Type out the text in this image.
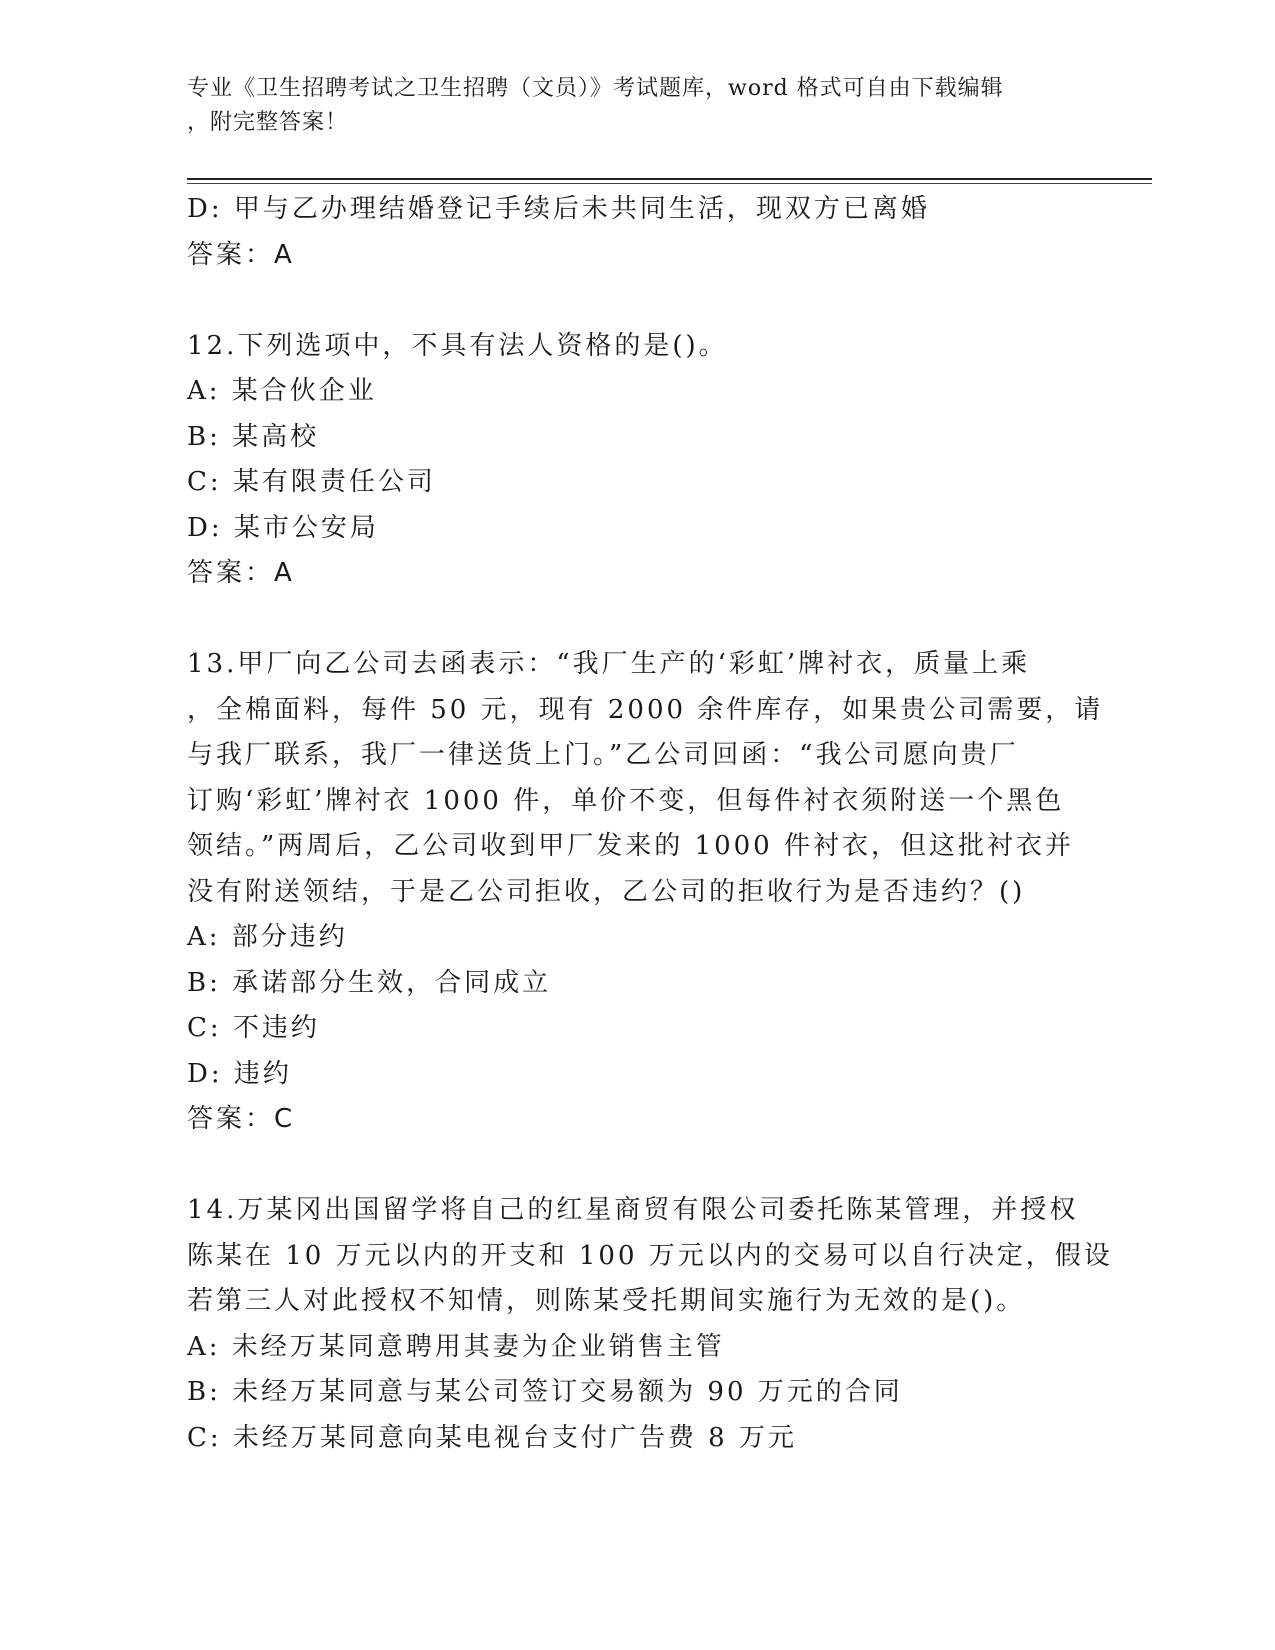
专业《卫生招聘考试之卫生招聘（文员）》考试题库，word 格式可自由下载编辑
，附完整答案！
D: 甲与乙办理结婚登记手续后未共同生活，现双方已离婚
答案：A
12.下列选项中，不具有法人资格的是()。
A: 某合伙企业
B: 某高校
C: 某有限责任公司
D: 某市公安局
答案：A
13.甲厂向乙公司去函表示：“我厂生产的‘彩虹’牌衬衣，质量上乘
，全棉面料，每件 50 元，现有 2000 余件库存，如果贵公司需要，请
与我厂联系，我厂一律送货上门。”乙公司回函：“我公司愿向贵厂
订购‘彩虹’牌衬衣 1000 件，单价不变，但每件衬衣须附送一个黑色
领结。”两周后，乙公司收到甲厂发来的 1000 件衬衣，但这批衬衣并
没有附送领结，于是乙公司拒收，乙公司的拒收行为是否违约？()
A: 部分违约
B: 承诺部分生效，合同成立
C: 不违约
D: 违约
答案：C
14.万某冈出国留学将自己的红星商贸有限公司委托陈某管理，并授权
陈某在 10 万元以内的开支和 100 万元以内的交易可以自行决定，假设
若第三人对此授权不知情，则陈某受托期间实施行为无效的是()。
A: 未经万某同意聘用其妻为企业销售主管
B: 未经万某同意与某公司签订交易额为 90 万元的合同
C: 未经万某同意向某电视台支付广告费 8 万元
